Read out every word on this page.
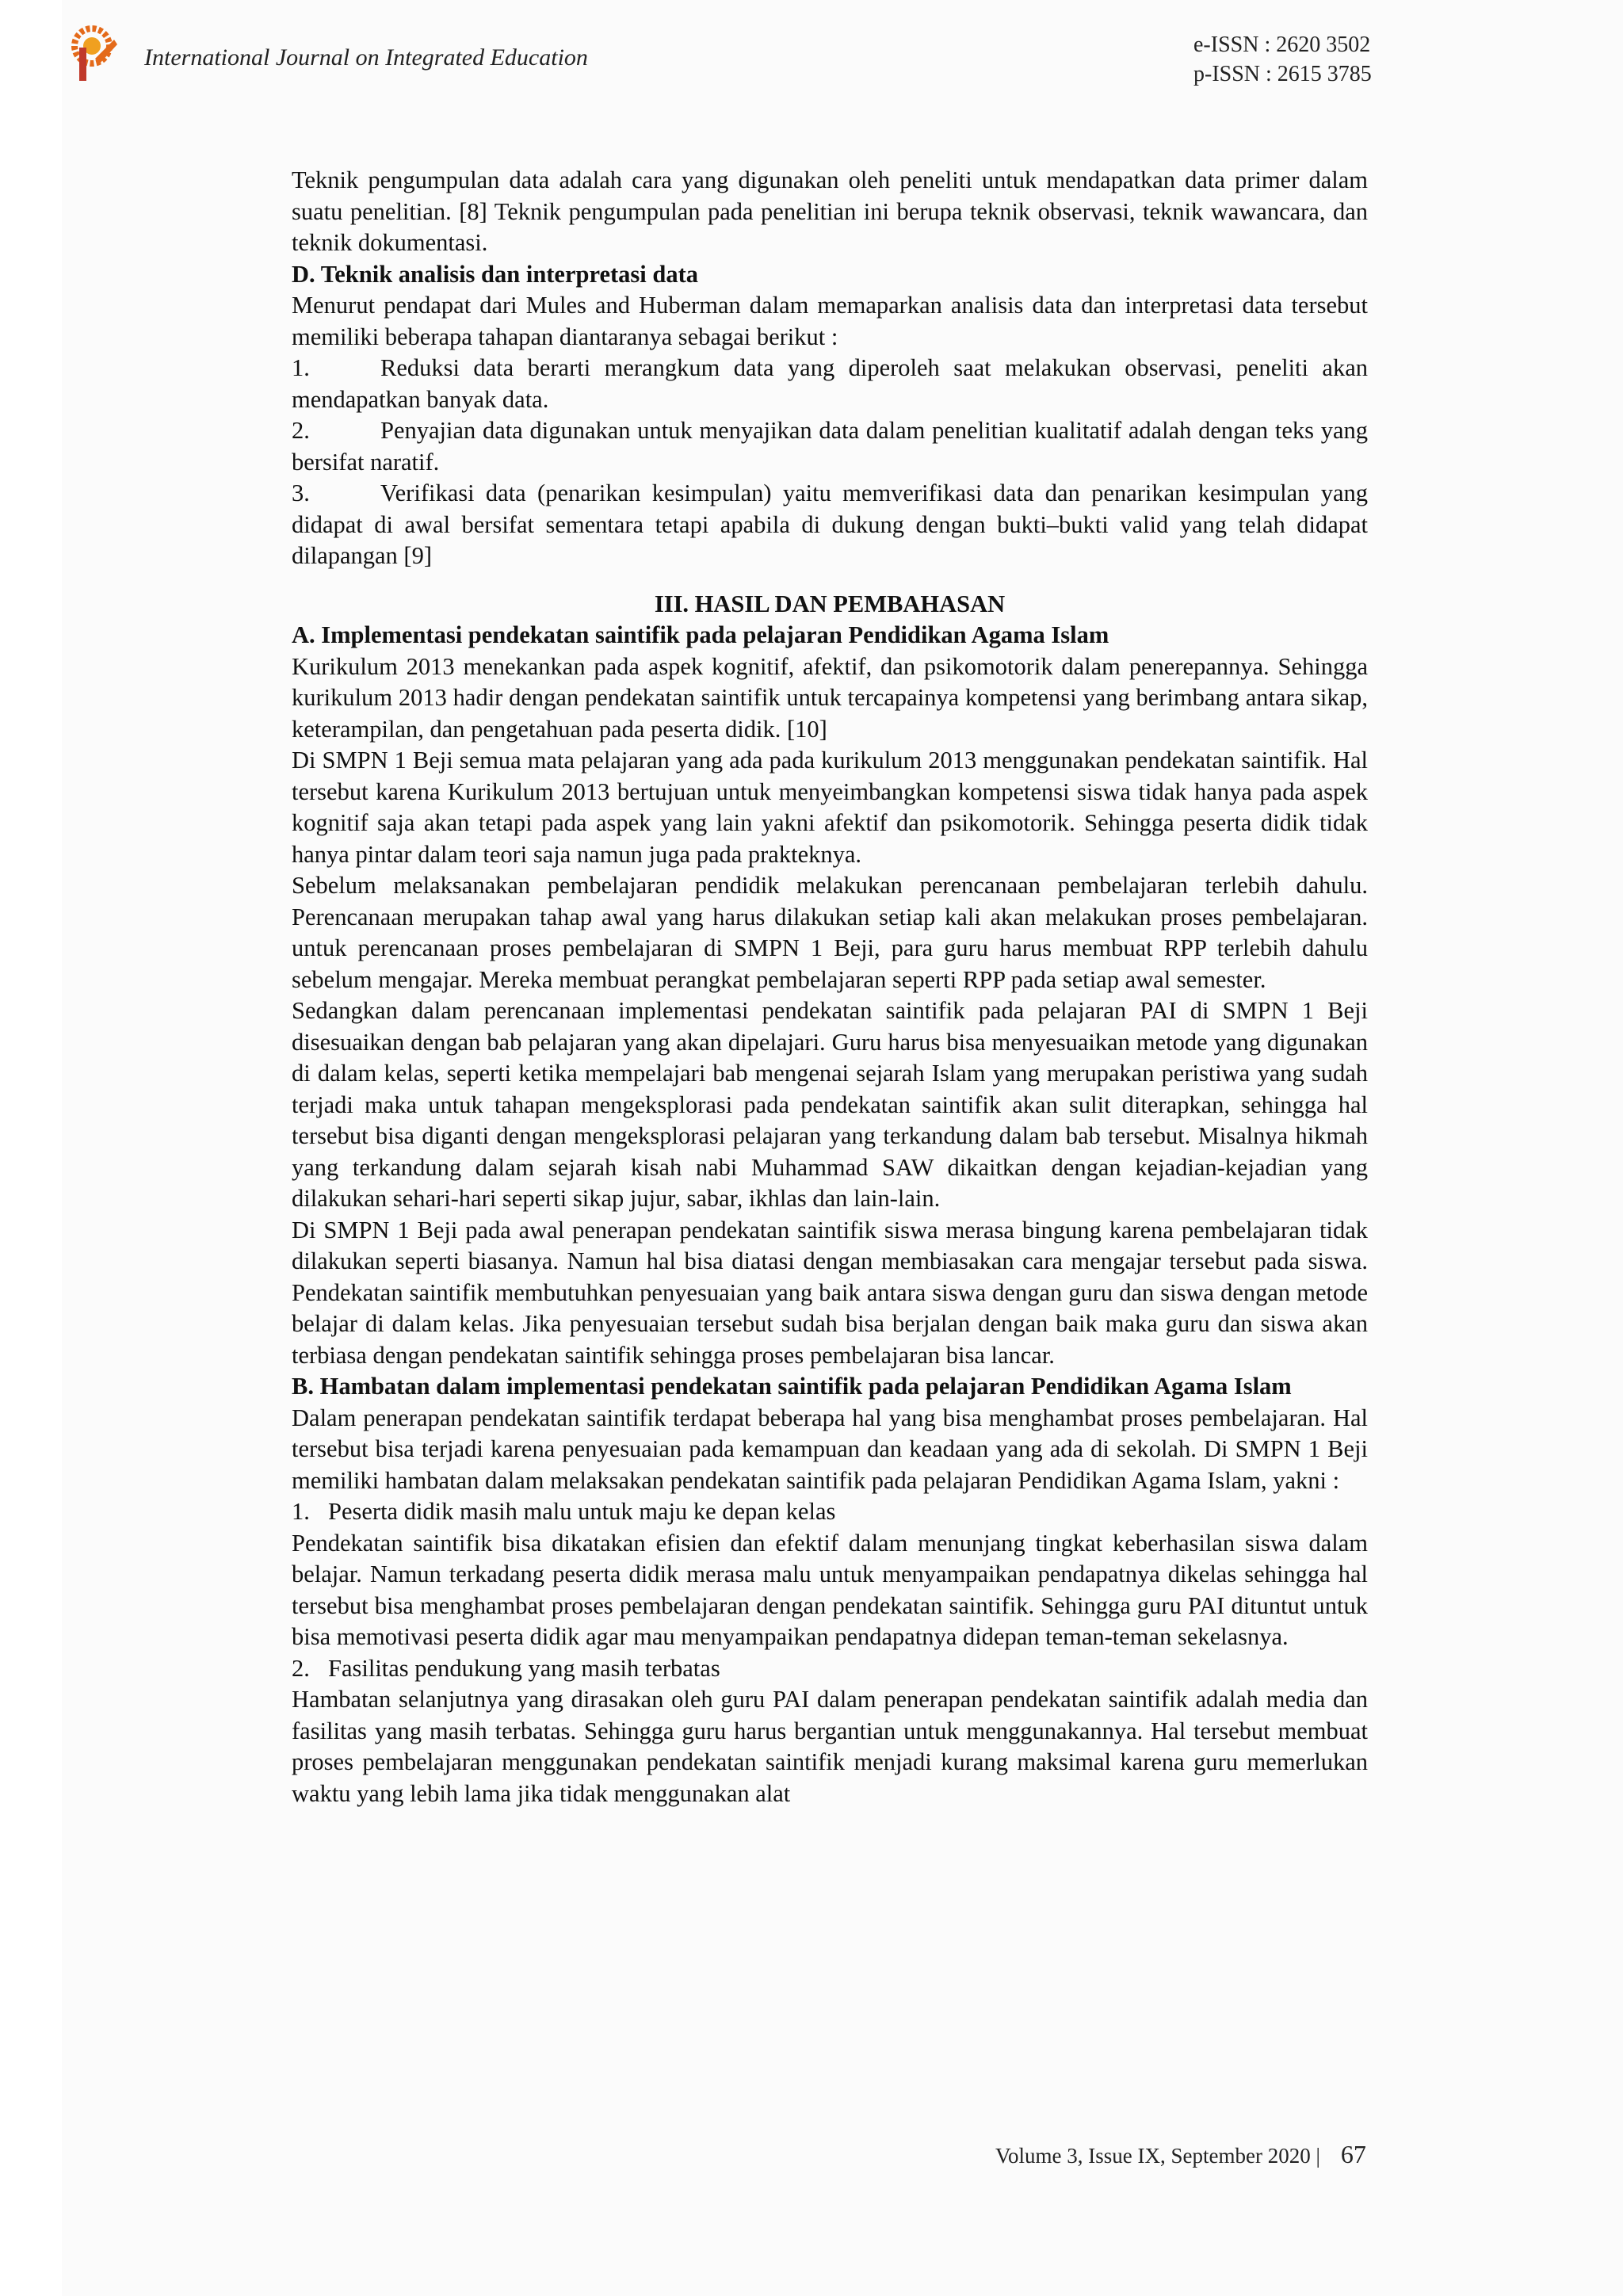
International Journal on Integrated Education	e-ISSN : 2620 3502
p-ISSN : 2615 3785

Teknik pengumpulan data adalah cara yang digunakan oleh peneliti untuk mendapatkan data primer dalam suatu penelitian. [8] Teknik pengumpulan pada penelitian ini berupa teknik observasi, teknik wawancara, dan teknik dokumentasi.

D. Teknik analisis dan interpretasi data

Menurut pendapat dari Mules and Huberman dalam memaparkan analisis data dan interpretasi data tersebut memiliki beberapa tahapan diantaranya sebagai berikut :

1.	Reduksi data berarti merangkum data yang diperoleh saat melakukan observasi, peneliti akan mendapatkan banyak data.

2.	Penyajian data digunakan untuk menyajikan data dalam penelitian kualitatif adalah dengan teks yang bersifat naratif.

3.	Verifikasi data (penarikan kesimpulan) yaitu memverifikasi data dan penarikan kesimpulan yang didapat di awal bersifat sementara tetapi apabila di dukung dengan bukti–bukti valid yang telah didapat dilapangan [9]

III. HASIL DAN PEMBAHASAN

A. Implementasi pendekatan saintifik pada pelajaran Pendidikan Agama Islam

Kurikulum 2013 menekankan pada aspek kognitif, afektif, dan psikomotorik dalam penerepannya. Sehingga kurikulum 2013 hadir dengan pendekatan saintifik untuk tercapainya kompetensi yang berimbang antara sikap, keterampilan, dan pengetahuan pada peserta didik. [10]

Di SMPN 1 Beji semua mata pelajaran yang ada pada kurikulum 2013 menggunakan pendekatan saintifik. Hal tersebut karena Kurikulum 2013 bertujuan untuk menyeimbangkan kompetensi siswa tidak hanya pada aspek kognitif saja akan tetapi pada aspek yang lain yakni afektif dan psikomotorik. Sehingga peserta didik tidak hanya pintar dalam teori saja namun juga pada prakteknya.

Sebelum melaksanakan pembelajaran pendidik melakukan perencanaan pembelajaran terlebih dahulu. Perencanaan merupakan tahap awal yang harus dilakukan setiap kali akan melakukan proses pembelajaran. untuk perencanaan proses pembelajaran di SMPN 1 Beji, para guru harus membuat RPP terlebih dahulu sebelum mengajar. Mereka membuat perangkat pembelajaran seperti RPP pada setiap awal semester.

Sedangkan dalam perencanaan implementasi pendekatan saintifik pada pelajaran PAI di SMPN 1 Beji disesuaikan dengan bab pelajaran yang akan dipelajari. Guru harus bisa menyesuaikan metode yang digunakan di dalam kelas, seperti ketika mempelajari bab mengenai sejarah Islam yang merupakan peristiwa yang sudah terjadi maka untuk tahapan mengeksplorasi pada pendekatan saintifik akan sulit diterapkan, sehingga hal tersebut bisa diganti dengan mengeksplorasi pelajaran yang terkandung dalam bab tersebut. Misalnya hikmah yang terkandung dalam sejarah kisah nabi Muhammad SAW dikaitkan dengan kejadian-kejadian yang dilakukan sehari-hari seperti sikap jujur, sabar, ikhlas dan lain-lain.

Di SMPN 1 Beji pada awal penerapan pendekatan saintifik siswa merasa bingung karena pembelajaran tidak dilakukan seperti biasanya. Namun hal bisa diatasi dengan membiasakan cara mengajar tersebut pada siswa. Pendekatan saintifik membutuhkan penyesuaian yang baik antara siswa dengan guru dan siswa dengan metode belajar di dalam kelas. Jika penyesuaian tersebut sudah bisa berjalan dengan baik maka guru dan siswa akan terbiasa dengan pendekatan saintifik sehingga proses pembelajaran bisa lancar.

B. Hambatan dalam implementasi pendekatan saintifik pada pelajaran Pendidikan Agama Islam

Dalam penerapan pendekatan saintifik terdapat beberapa hal yang bisa menghambat proses pembelajaran. Hal tersebut bisa terjadi karena penyesuaian pada kemampuan dan keadaan yang ada di sekolah. Di SMPN 1 Beji memiliki hambatan dalam melaksakan pendekatan saintifik pada pelajaran Pendidikan Agama Islam, yakni :

1. Peserta didik masih malu untuk maju ke depan kelas

Pendekatan saintifik bisa dikatakan efisien dan efektif dalam menunjang tingkat keberhasilan siswa dalam belajar. Namun terkadang peserta didik merasa malu untuk menyampaikan pendapatnya dikelas sehingga hal tersebut bisa menghambat proses pembelajaran dengan pendekatan saintifik. Sehingga guru PAI dituntut untuk bisa memotivasi peserta didik agar mau menyampaikan pendapatnya didepan teman-teman sekelasnya.

2. Fasilitas pendukung yang masih terbatas

Hambatan selanjutnya yang dirasakan oleh guru PAI dalam penerapan pendekatan saintifik adalah media dan fasilitas yang masih terbatas. Sehingga guru harus bergantian untuk menggunakannya. Hal tersebut membuat proses pembelajaran menggunakan pendekatan saintifik menjadi kurang maksimal karena guru memerlukan waktu yang lebih lama jika tidak menggunakan alat

Volume 3, Issue IX, September 2020 | 67
